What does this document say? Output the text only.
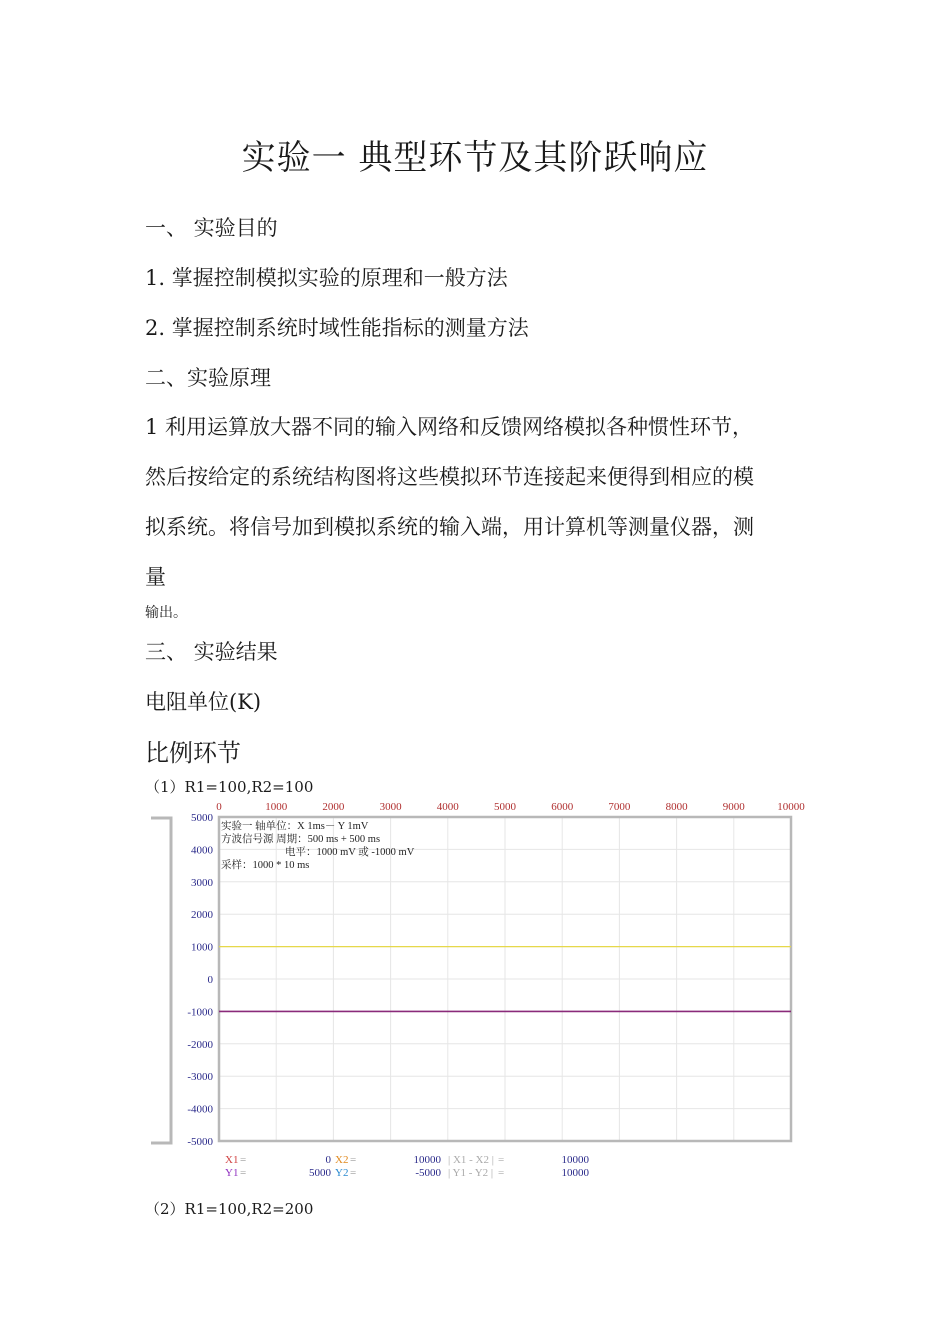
实验一 典型环节及其阶跃响应
一、 实验目的
1. 掌握控制模拟实验的原理和一般方法
2. 掌握控制系统时域性能指标的测量方法
二、实验原理
1 利用运算放大器不同的输入网络和反馈网络模拟各种惯性环节，
然后按给定的系统结构图将这些模拟环节连接起来便得到相应的模
拟系统。将信号加到模拟系统的输入端，用计算机等测量仪器，测
量
输出。
三、 实验结果
电阻单位(K)
比例环节
（1）R1=100,R2=100
0	1000	2000	3000	4000	5000	6000	7000	8000	9000	10000
5000
4000
3000
2000
1000
0
-1000
-2000
-3000
-4000
-5000
实验一 轴单位：X 1ms－ Y 1mV
方波信号源 周期：500 ms + 500 ms
电平：1000 mV 或 -1000 mV
采样：1000 * 10 ms
X1 =	0 X2 =	10000 | X1 - X2 | =	10000
Y1 =	5000 Y2 =	-5000 | Y1 - Y2 | =	10000
（2）R1=100,R2=200
